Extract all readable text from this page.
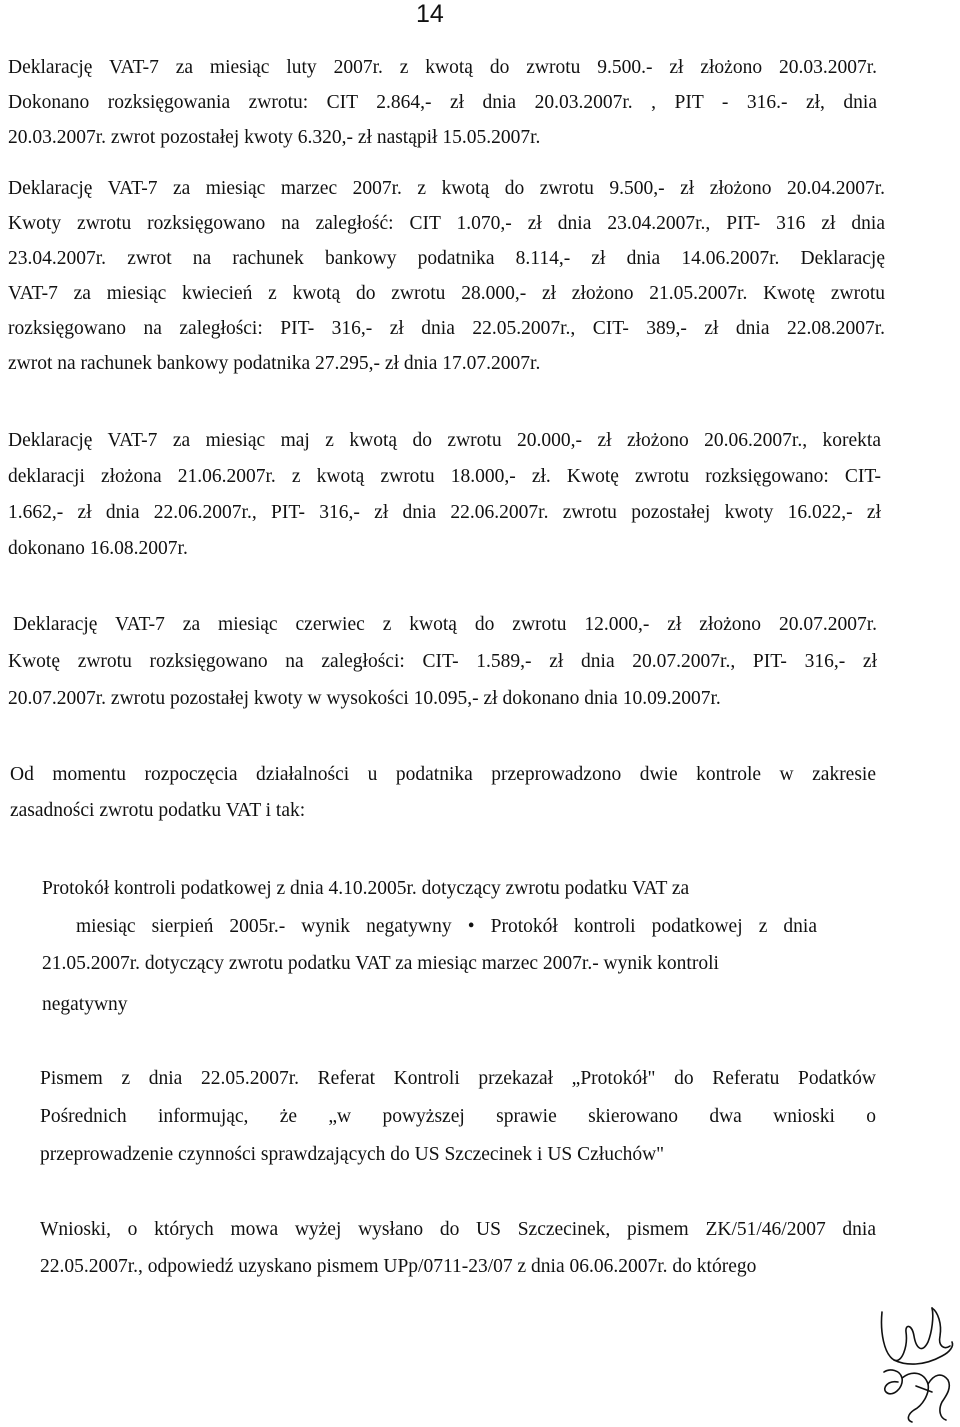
14
Deklarację VAT-7 za miesiąc luty 2007r. z kwotą do zwrotu 9.500.- zł złożono 20.03.2007r.
Dokonano rozksięgowania zwrotu: CIT 2.864,- zł dnia 20.03.2007r. , PIT - 316.- zł, dnia
20.03.2007r. zwrot pozostałej kwoty 6.320,- zł nastąpił 15.05.2007r.
Deklarację VAT-7 za miesiąc marzec 2007r. z kwotą do zwrotu 9.500,- zł złożono 20.04.2007r.
Kwoty zwrotu rozksięgowano na zaległość: CIT 1.070,- zł dnia 23.04.2007r., PIT- 316 zł dnia
23.04.2007r. zwrot na rachunek bankowy podatnika 8.114,- zł dnia 14.06.2007r. Deklarację
VAT-7 za miesiąc kwiecień z kwotą do zwrotu 28.000,- zł złożono 21.05.2007r. Kwotę zwrotu
rozksięgowano na zaległości: PIT- 316,- zł dnia 22.05.2007r., CIT- 389,- zł dnia 22.08.2007r.
zwrot na rachunek bankowy podatnika 27.295,- zł dnia 17.07.2007r.
Deklarację VAT-7 za miesiąc maj z kwotą do zwrotu 20.000,- zł złożono 20.06.2007r., korekta
deklaracji złożona 21.06.2007r. z kwotą zwrotu 18.000,- zł. Kwotę zwrotu rozksięgowano: CIT-
1.662,- zł dnia 22.06.2007r., PIT- 316,- zł dnia 22.06.2007r. zwrotu pozostałej kwoty 16.022,- zł
dokonano 16.08.2007r.
Deklarację VAT-7 za miesiąc czerwiec z kwotą do zwrotu 12.000,- zł złożono 20.07.2007r.
Kwotę zwrotu rozksięgowano na zaległości: CIT- 1.589,- zł dnia 20.07.2007r., PIT- 316,- zł
20.07.2007r. zwrotu pozostałej kwoty w wysokości 10.095,- zł dokonano dnia 10.09.2007r.
Od momentu rozpoczęcia działalności u podatnika przeprowadzono dwie kontrole w zakresie
zasadności zwrotu podatku VAT i tak:
Protokół kontroli podatkowej z dnia 4.10.2005r. dotyczący zwrotu podatku VAT za
miesiąc sierpień 2005r.- wynik negatywny • Protokół kontroli podatkowej z dnia
21.05.2007r. dotyczący zwrotu podatku VAT za miesiąc marzec 2007r.- wynik kontroli
negatywny
Pismem z dnia 22.05.2007r. Referat Kontroli przekazał „Protokół" do Referatu Podatków
Pośrednich informując, że „w powyższej sprawie skierowano dwa wnioski o
przeprowadzenie czynności sprawdzających do US Szczecinek i US Człuchów"
Wnioski, o których mowa wyżej wysłano do US Szczecinek, pismem ZK/51/46/2007 dnia
22.05.2007r., odpowiedź uzyskano pismem UPp/0711-23/07 z dnia 06.06.2007r. do którego
